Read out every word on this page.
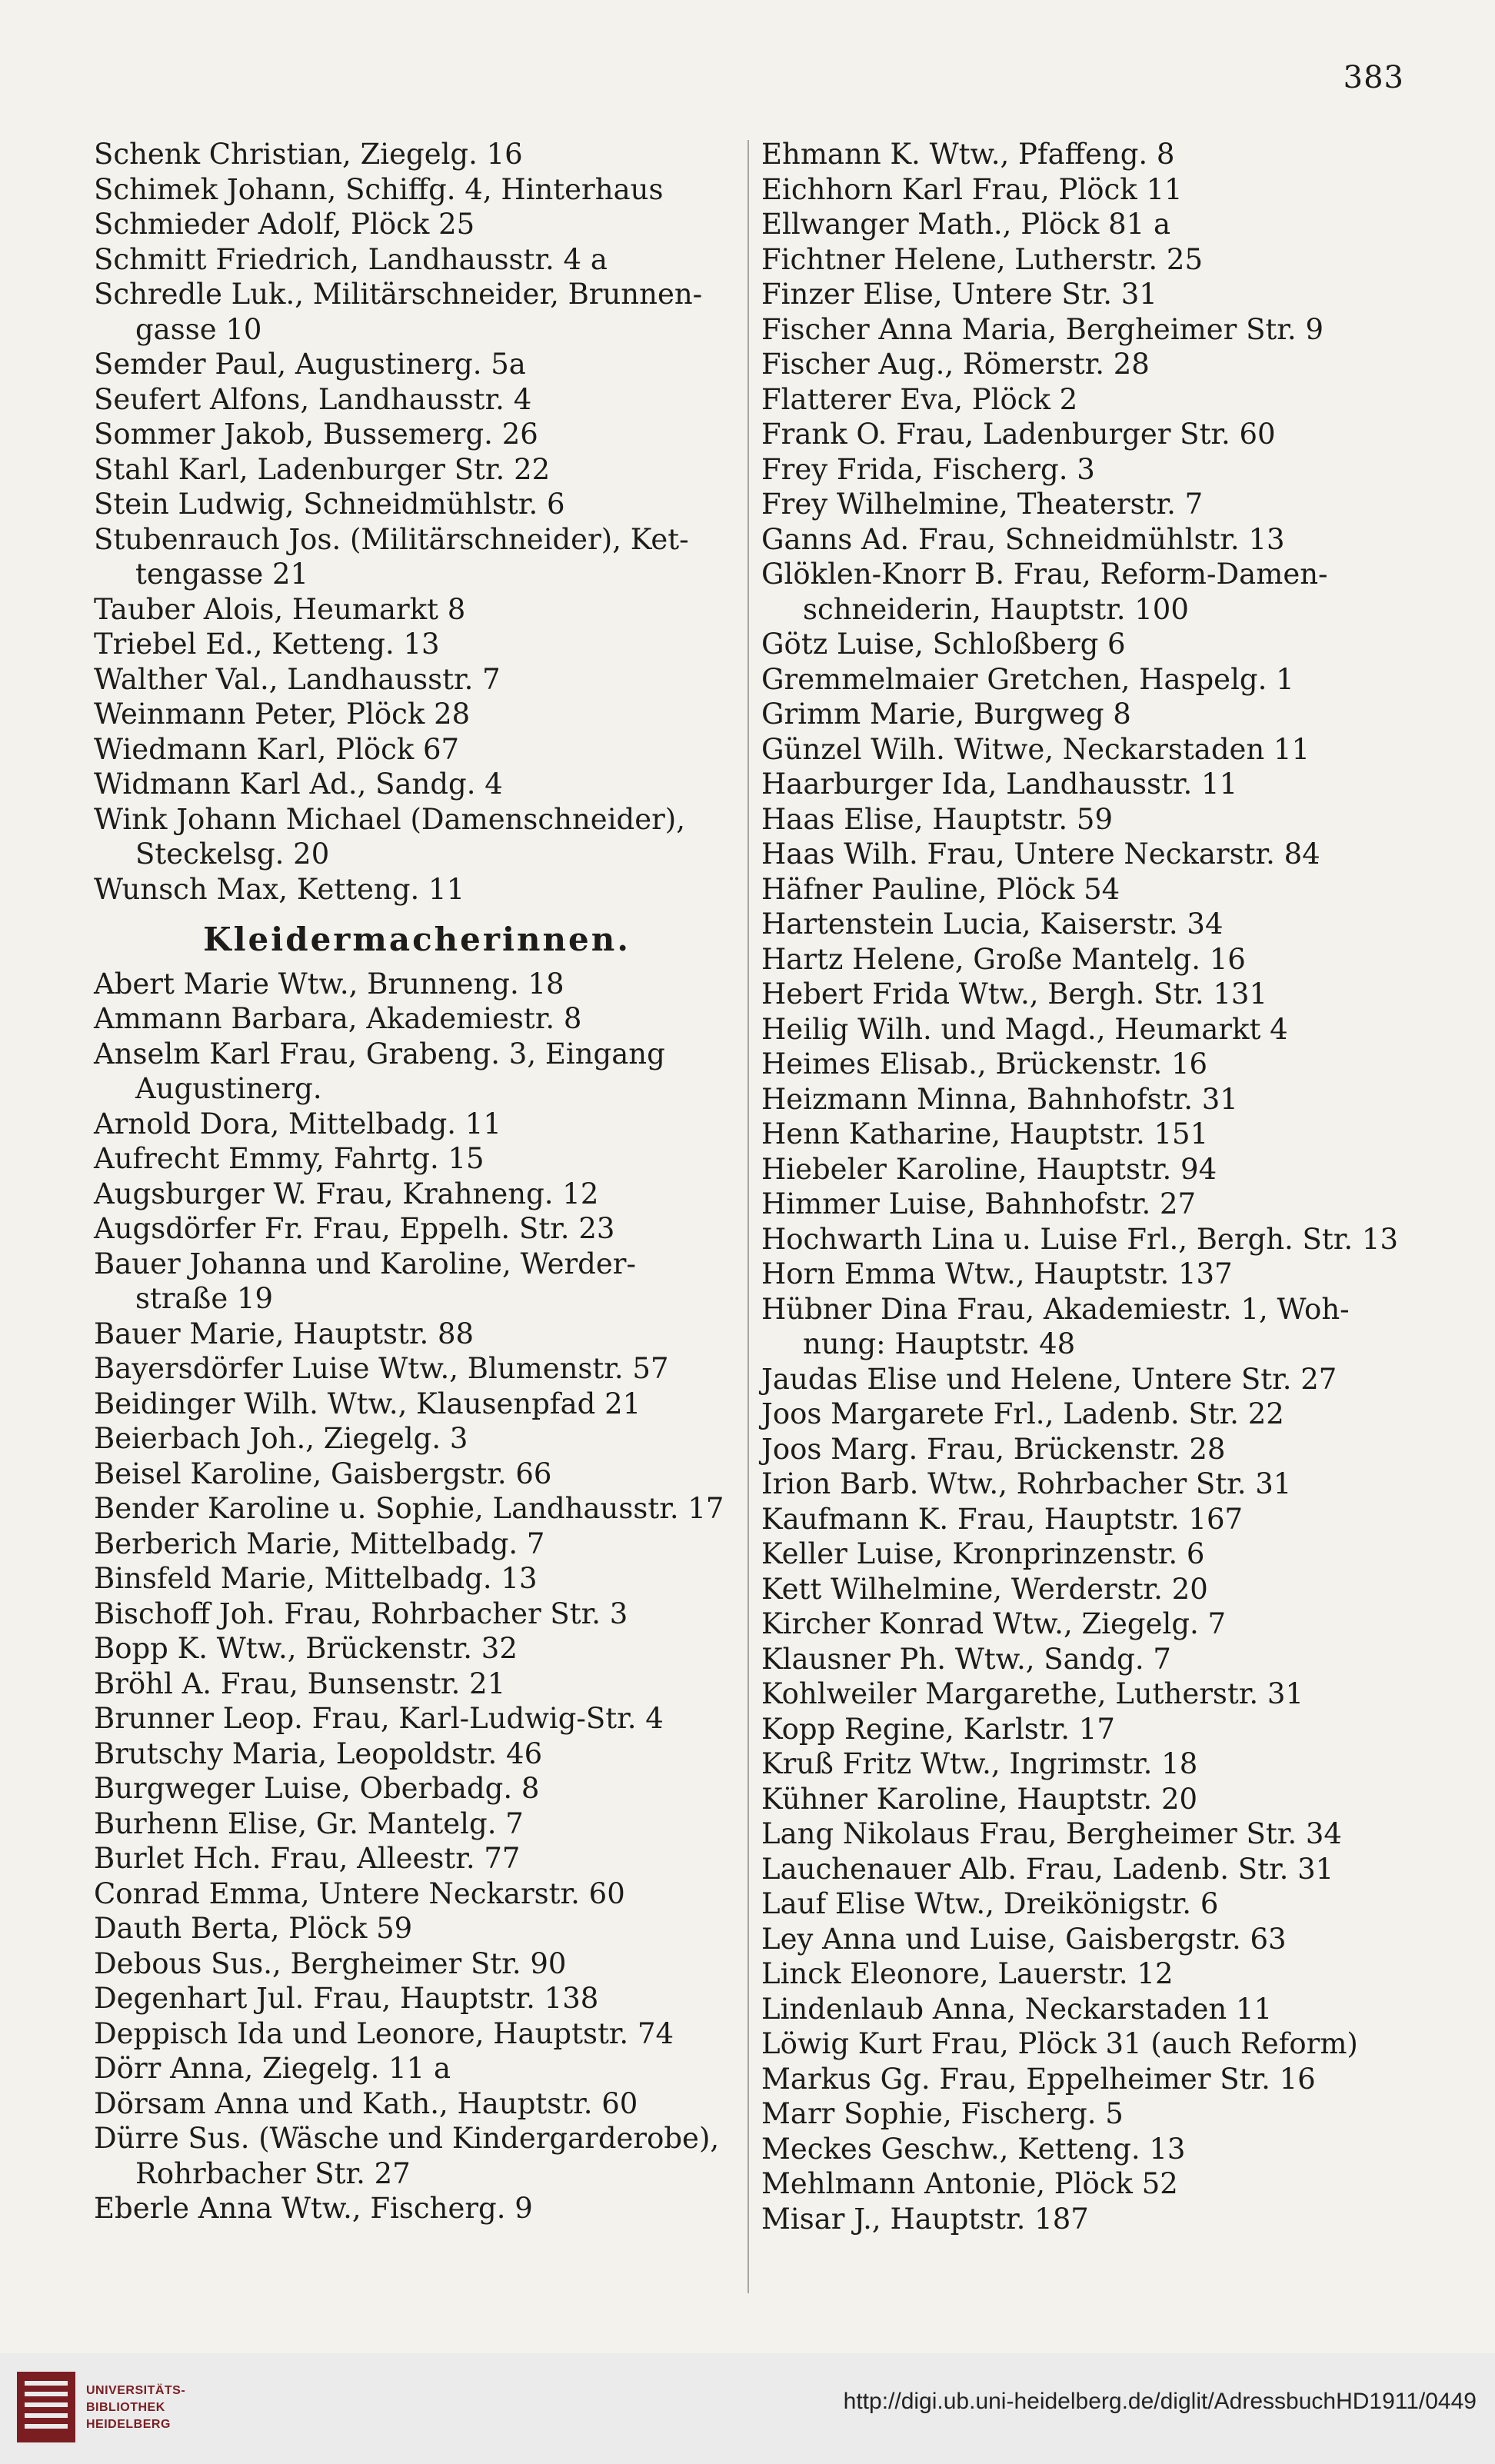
383
Schenk Christian, Ziegelg. 16
Schimek Johann, Schiffg. 4, Hinterhaus
Schmieder Adolf, Plöck 25
Schmitt Friedrich, Landhausstr. 4 a
Schredle Luk., Militärschneider, Brunnen-
gasse 10
Semder Paul, Augustinerg. 5a
Seufert Alfons, Landhausstr. 4
Sommer Jakob, Bussemerg. 26
Stahl Karl, Ladenburger Str. 22
Stein Ludwig, Schneidmühlstr. 6
Stubenrauch Jos. (Militärschneider), Ket-
tengasse 21
Tauber Alois, Heumarkt 8
Triebel Ed., Ketteng. 13
Walther Val., Landhausstr. 7
Weinmann Peter, Plöck 28
Wiedmann Karl, Plöck 67
Widmann Karl Ad., Sandg. 4
Wink Johann Michael (Damenschneider),
Steckelsg. 20
Wunsch Max, Ketteng. 11
Kleidermacherinnen.
Abert Marie Wtw., Brunneng. 18
Ammann Barbara, Akademiestr. 8
Anselm Karl Frau, Grabeng. 3, Eingang
Augustinerg.
Arnold Dora, Mittelbadg. 11
Aufrecht Emmy, Fahrtg. 15
Augsburger W. Frau, Krahneng. 12
Augsdörfer Fr. Frau, Eppelh. Str. 23
Bauer Johanna und Karoline, Werder-
straße 19
Bauer Marie, Hauptstr. 88
Bayersdörfer Luise Wtw., Blumenstr. 57
Beidinger Wilh. Wtw., Klausenpfad 21
Beierbach Joh., Ziegelg. 3
Beisel Karoline, Gaisbergstr. 66
Bender Karoline u. Sophie, Landhausstr. 17
Berberich Marie, Mittelbadg. 7
Binsfeld Marie, Mittelbadg. 13
Bischoff Joh. Frau, Rohrbacher Str. 3
Bopp K. Wtw., Brückenstr. 32
Bröhl A. Frau, Bunsenstr. 21
Brunner Leop. Frau, Karl-Ludwig-Str. 4
Brutschy Maria, Leopoldstr. 46
Burgweger Luise, Oberbadg. 8
Burhenn Elise, Gr. Mantelg. 7
Burlet Hch. Frau, Alleestr. 77
Conrad Emma, Untere Neckarstr. 60
Dauth Berta, Plöck 59
Debous Sus., Bergheimer Str. 90
Degenhart Jul. Frau, Hauptstr. 138
Deppisch Ida und Leonore, Hauptstr. 74
Dörr Anna, Ziegelg. 11 a
Dörsam Anna und Kath., Hauptstr. 60
Dürre Sus. (Wäsche und Kindergarderobe),
Rohrbacher Str. 27
Eberle Anna Wtw., Fischerg. 9
Ehmann K. Wtw., Pfaffeng. 8
Eichhorn Karl Frau, Plöck 11
Ellwanger Math., Plöck 81 a
Fichtner Helene, Lutherstr. 25
Finzer Elise, Untere Str. 31
Fischer Anna Maria, Bergheimer Str. 9
Fischer Aug., Römerstr. 28
Flatterer Eva, Plöck 2
Frank O. Frau, Ladenburger Str. 60
Frey Frida, Fischerg. 3
Frey Wilhelmine, Theaterstr. 7
Ganns Ad. Frau, Schneidmühlstr. 13
Glöklen-Knorr B. Frau, Reform-Damen-
schneiderin, Hauptstr. 100
Götz Luise, Schloßberg 6
Gremmelmaier Gretchen, Haspelg. 1
Grimm Marie, Burgweg 8
Günzel Wilh. Witwe, Neckarstaden 11
Haarburger Ida, Landhausstr. 11
Haas Elise, Hauptstr. 59
Haas Wilh. Frau, Untere Neckarstr. 84
Häfner Pauline, Plöck 54
Hartenstein Lucia, Kaiserstr. 34
Hartz Helene, Große Mantelg. 16
Hebert Frida Wtw., Bergh. Str. 131
Heilig Wilh. und Magd., Heumarkt 4
Heimes Elisab., Brückenstr. 16
Heizmann Minna, Bahnhofstr. 31
Henn Katharine, Hauptstr. 151
Hiebeler Karoline, Hauptstr. 94
Himmer Luise, Bahnhofstr. 27
Hochwarth Lina u. Luise Frl., Bergh. Str. 13
Horn Emma Wtw., Hauptstr. 137
Hübner Dina Frau, Akademiestr. 1, Woh-
nung: Hauptstr. 48
Jaudas Elise und Helene, Untere Str. 27
Joos Margarete Frl., Ladenb. Str. 22
Joos Marg. Frau, Brückenstr. 28
Irion Barb. Wtw., Rohrbacher Str. 31
Kaufmann K. Frau, Hauptstr. 167
Keller Luise, Kronprinzenstr. 6
Kett Wilhelmine, Werderstr. 20
Kircher Konrad Wtw., Ziegelg. 7
Klausner Ph. Wtw., Sandg. 7
Kohlweiler Margarethe, Lutherstr. 31
Kopp Regine, Karlstr. 17
Kruß Fritz Wtw., Ingrimstr. 18
Kühner Karoline, Hauptstr. 20
Lang Nikolaus Frau, Bergheimer Str. 34
Lauchenauer Alb. Frau, Ladenb. Str. 31
Lauf Elise Wtw., Dreikönigstr. 6
Ley Anna und Luise, Gaisbergstr. 63
Linck Eleonore, Lauerstr. 12
Lindenlaub Anna, Neckarstaden 11
Löwig Kurt Frau, Plöck 31 (auch Reform)
Markus Gg. Frau, Eppelheimer Str. 16
Marr Sophie, Fischerg. 5
Meckes Geschw., Ketteng. 13
Mehlmann Antonie, Plöck 52
Misar J., Hauptstr. 187
UNIVERSITÄTS-
BIBLIOTHEK
HEIDELBERG
http://digi.ub.uni-heidelberg.de/diglit/AdressbuchHD1911/0449
